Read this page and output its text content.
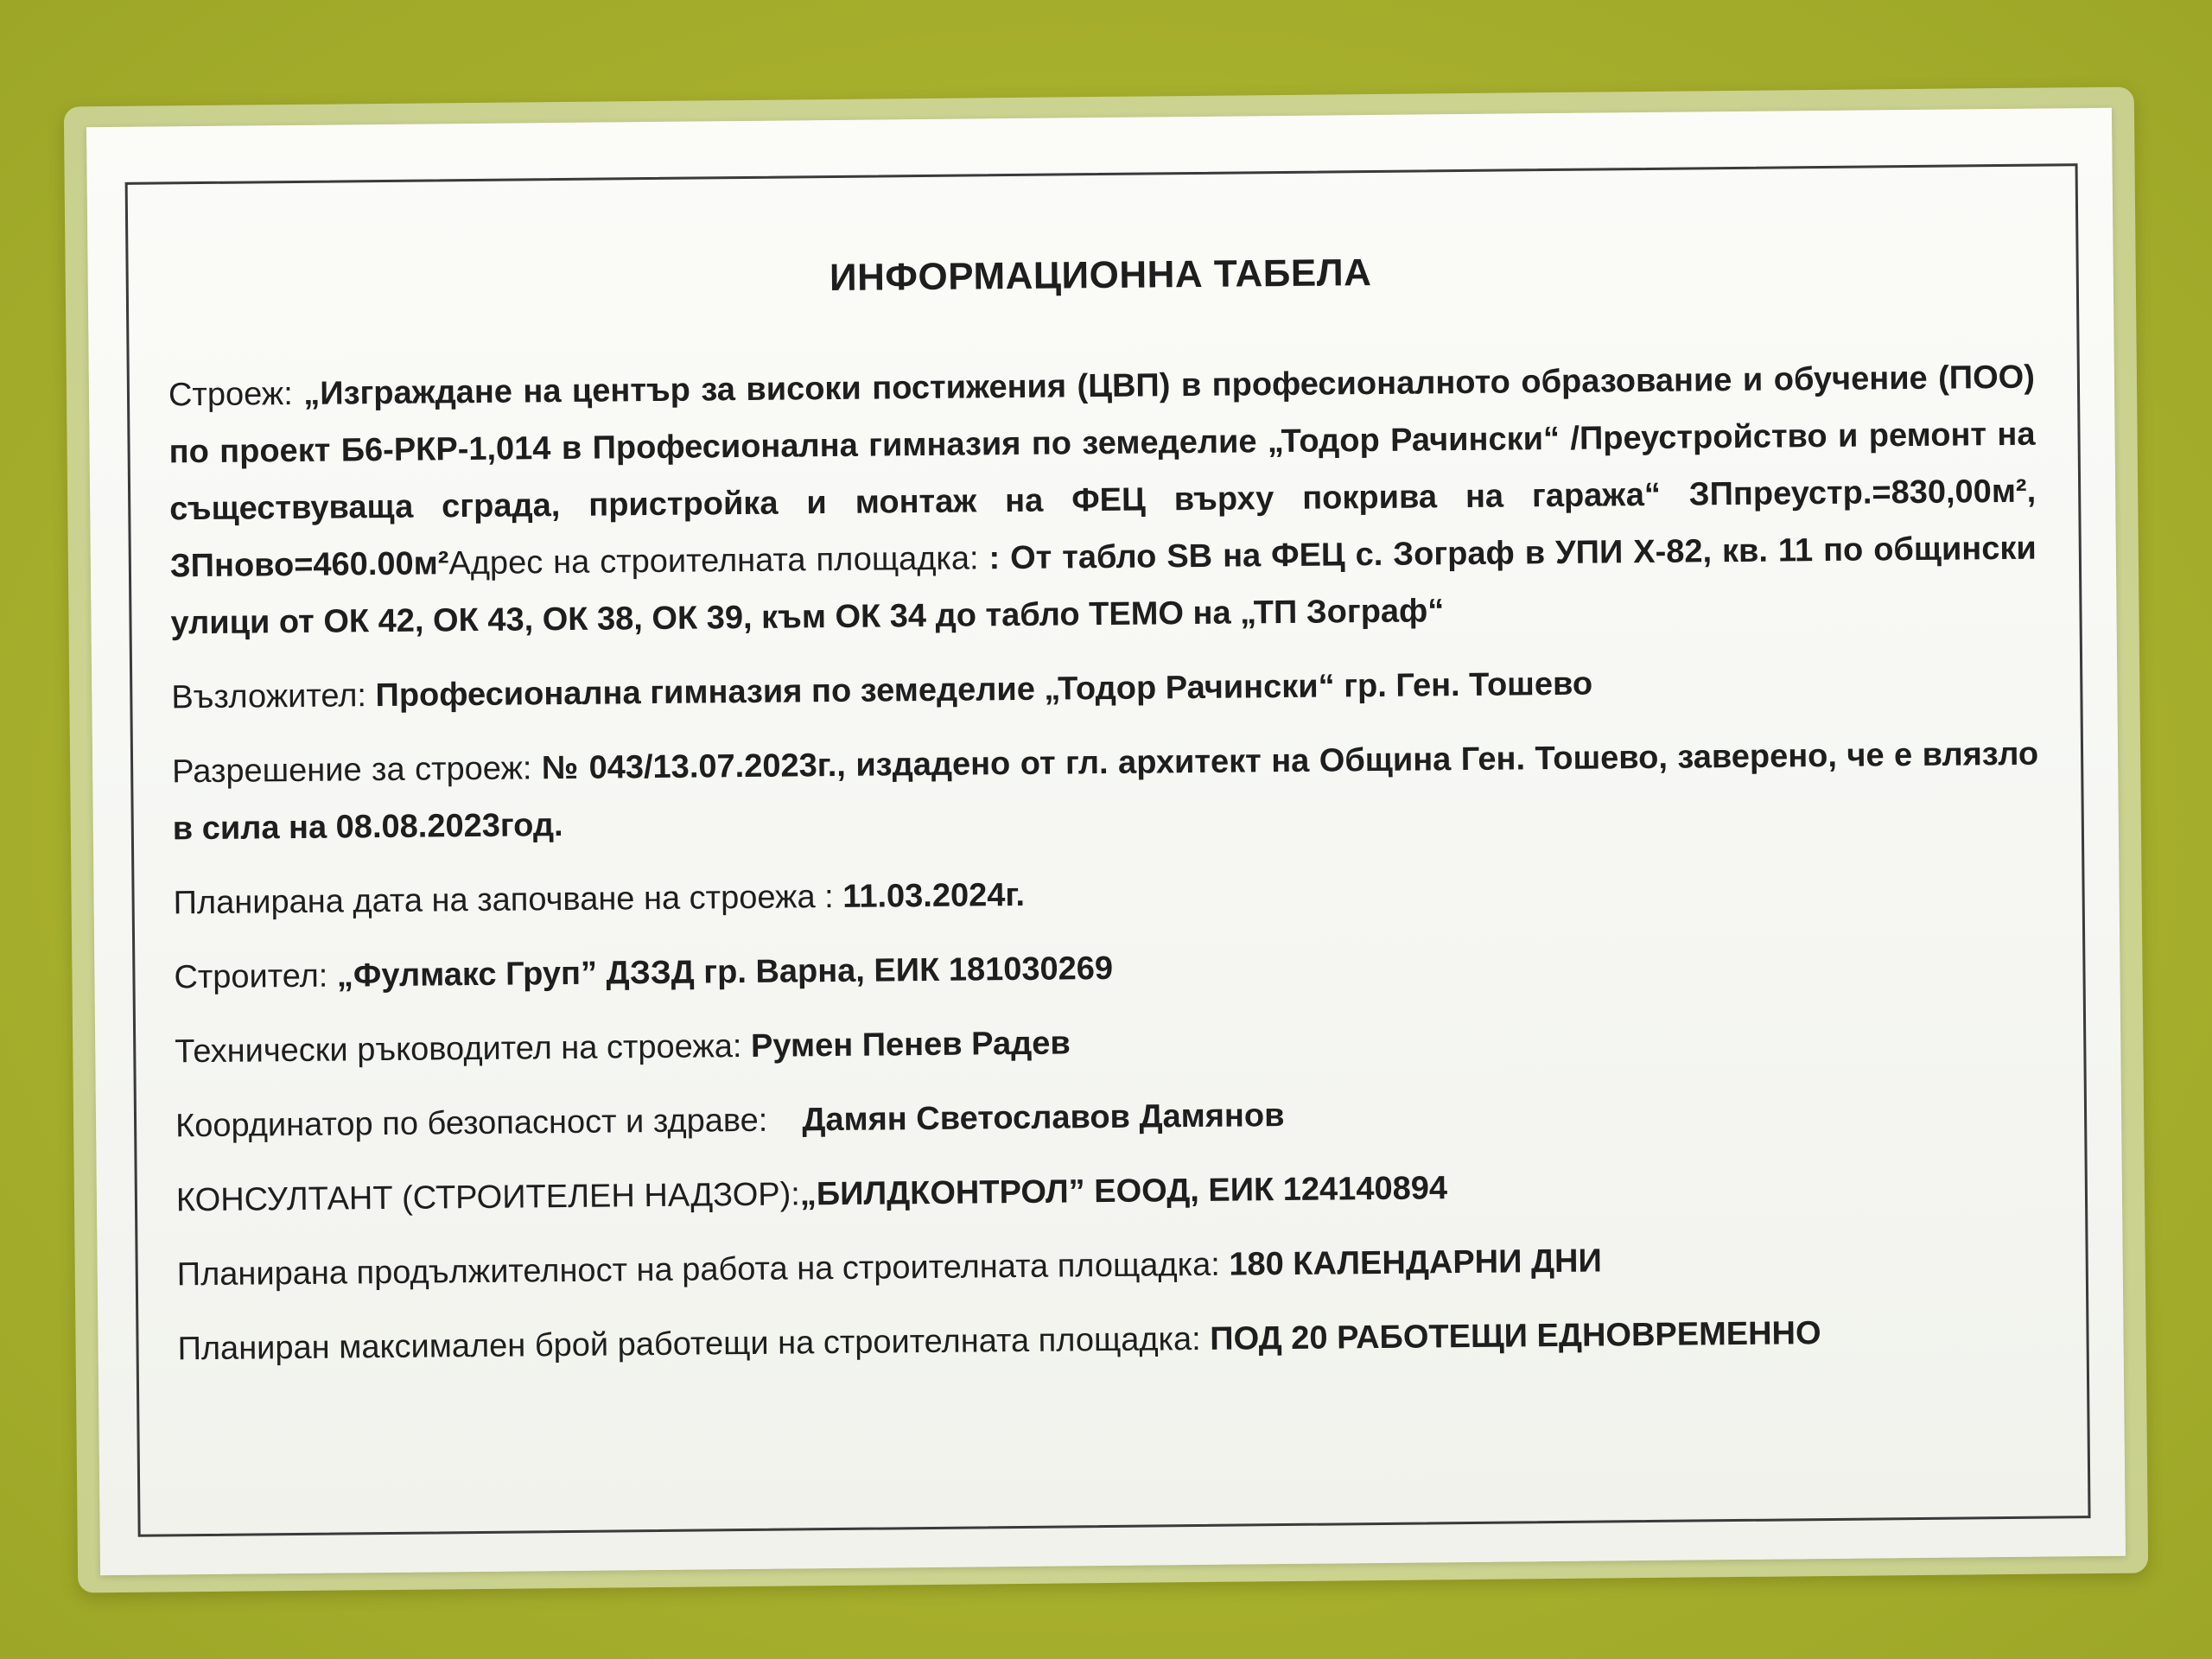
ИНФОРМАЦИОННА ТАБЕЛА

Строеж: „Изграждане на център за високи постижения (ЦВП) в професионалното образование и обучение (ПОО) по проект Б6-РКР-1,014 в Професионална гимназия по земеделие „Тодор Рачински“ /Преустройство и ремонт на съществуваща сграда, пристройка и монтаж на ФЕЦ върху покрива на гаража“ ЗПпреустр.=830,00м², ЗПново=460.00м²Адрес на строителната площадка: : От табло SB на ФЕЦ с. Зограф в УПИ Х-82, кв. 11 по общински улици от ОК 42, ОК 43, ОК 38, ОК 39, към ОК 34 до табло ТЕМО на „ТП Зограф“

Възложител: Професионална гимназия по земеделие „Тодор Рачински“ гр. Ген. Тошево

Разрешение за строеж: № 043/13.07.2023г., издадено от гл. архитект на Община Ген. Тошево, заверено, че е влязло в сила на 08.08.2023год.

Планирана дата на започване на строежа : 11.03.2024г.

Строител: „Фулмакс Груп” ДЗЗД гр. Варна, ЕИК 181030269

Технически ръководител на строежа: Румен Пенев Радев

Координатор по безопасност и здраве: Дамян Светославов Дамянов

КОНСУЛТАНТ (СТРОИТЕЛЕН НАДЗОР):„БИЛДКОНТРОЛ” ЕООД, ЕИК 124140894

Планирана продължителност на работа на строителната площадка: 180 КАЛЕНДАРНИ ДНИ

Планиран максимален брой работещи на строителната площадка: ПОД 20 РАБОТЕЩИ ЕДНОВРЕМЕННО
